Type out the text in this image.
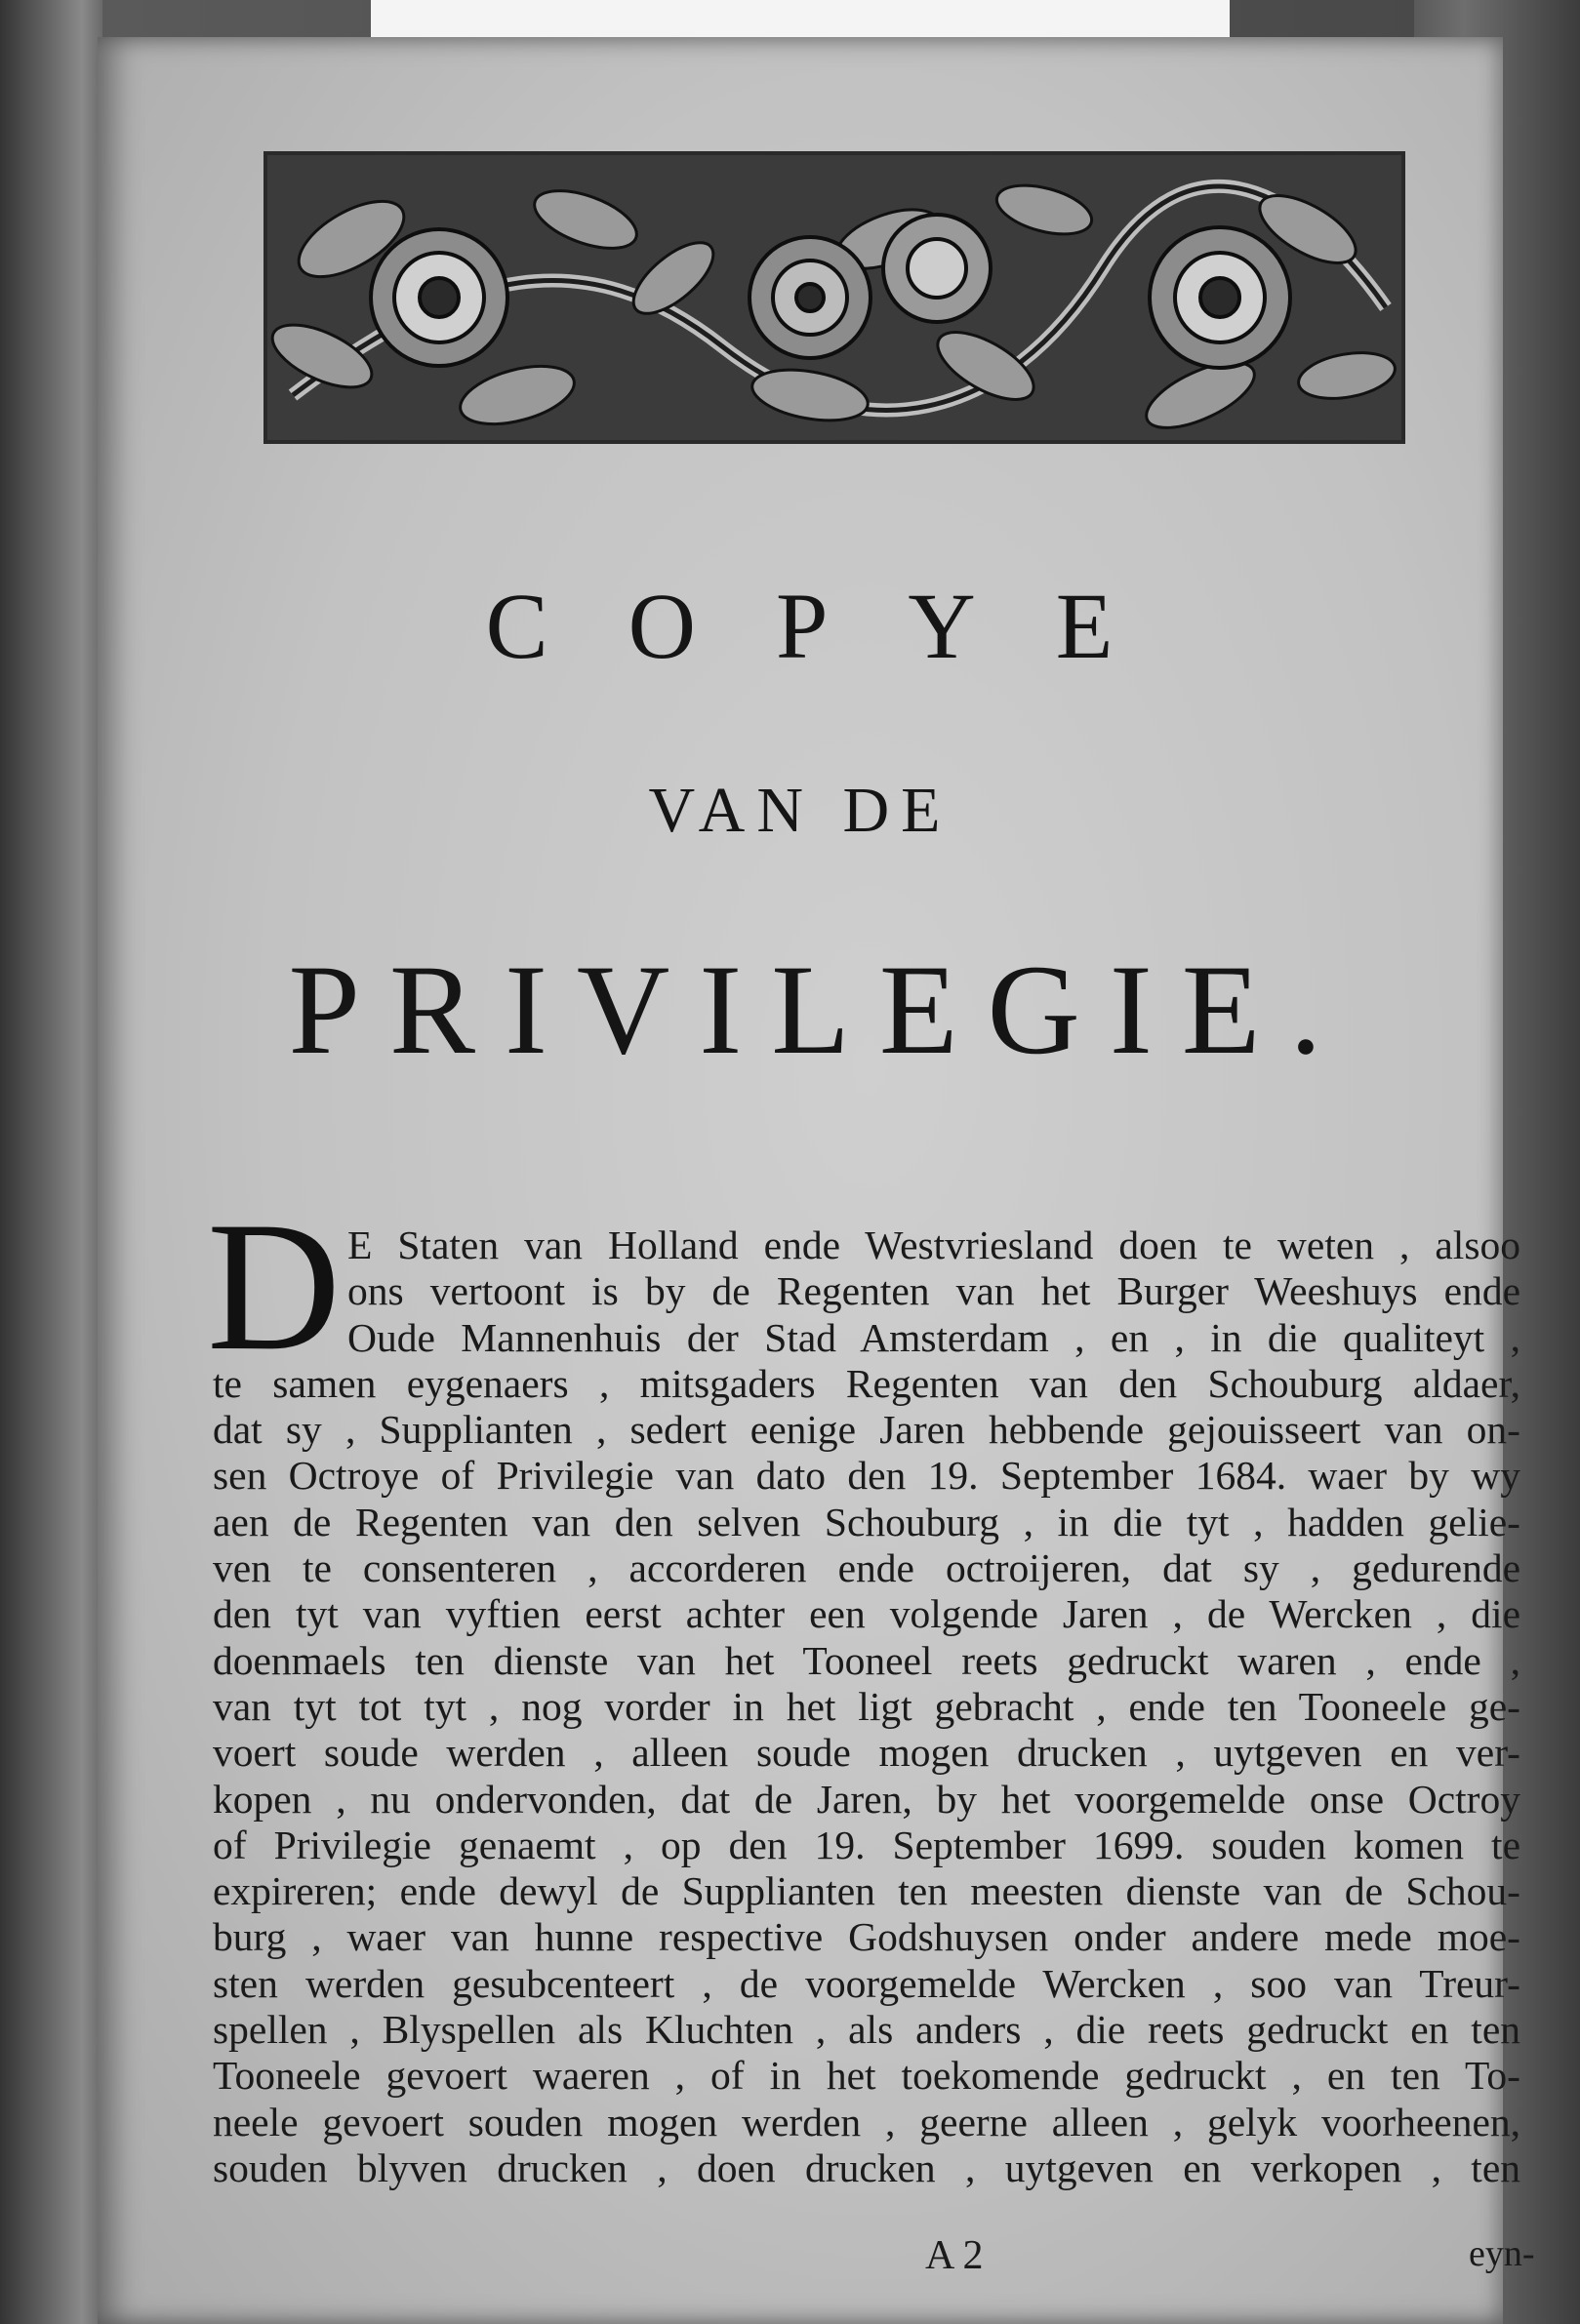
COPYE
VAN DE
PRIVILEGIE.
D E Staten van Holland ende Westvriesland doen te weten , alsoo
ons vertoont is by de Regenten van het Burger Weeshuys ende
Oude Mannenhuis der Stad Amsterdam , en , in die qualiteyt ,
te samen eygenaers , mitsgaders Regenten van den Schouburg aldaer,
dat sy , Supplianten , sedert eenige Jaren hebbende gejouisseert van on-
sen Octroye of Privilegie van dato den 19. September 1684. waer by wy
aen de Regenten van den selven Schouburg , in die tyt , hadden gelie-
ven te consenteren , accorderen ende octroijeren, dat sy , gedurende
den tyt van vyftien eerst achter een volgende Jaren , de Wercken , die
doenmaels ten dienste van het Tooneel reets gedruckt waren , ende ,
van tyt tot tyt , nog vorder in het ligt gebracht , ende ten Tooneele ge-
voert soude werden , alleen soude mogen drucken , uytgeven en ver-
kopen , nu ondervonden, dat de Jaren, by het voorgemelde onse Octroy
of Privilegie genaemt , op den 19. September 1699. souden komen te
expireren; ende dewyl de Supplianten ten meesten dienste van de Schou-
burg , waer van hunne respective Godshuysen onder andere mede moe-
sten werden gesubcenteert , de voorgemelde Wercken , soo van Treur-
spellen , Blyspellen als Kluchten , als anders , die reets gedruckt en ten
Tooneele gevoert waeren , of in het toekomende gedruckt , en ten To-
neele gevoert souden mogen werden , geerne alleen , gelyk voorheenen,
souden blyven drucken , doen drucken , uytgeven en verkopen , ten
A 2	eyn-
